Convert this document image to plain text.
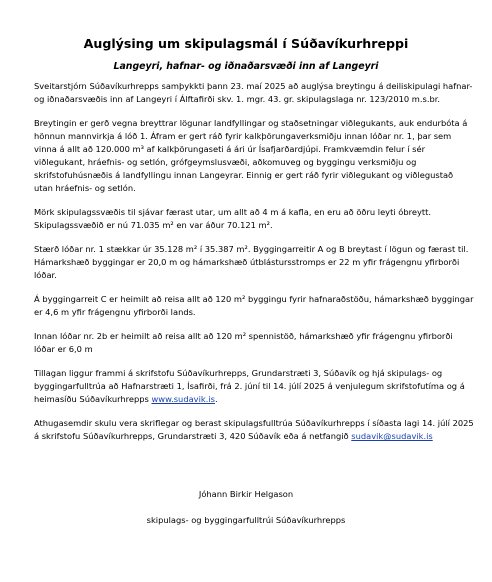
Auglýsing um skipulagsmál í Súðavíkurhreppi
Langeyri, hafnar- og iðnaðarsvæði inn af Langeyri

Sveitarstjórn Súðavíkurhrepps samþykkti þann 23. maí 2025 að auglýsa breytingu á deiliskipulagi hafnar- og iðnaðarsvæðis inn af Langeyri í Álftafirði skv. 1. mgr. 43. gr. skipulagslaga nr. 123/2010 m.s.br.

Breytingin er gerð vegna breyttrar lögunar landfyllingar og staðsetningar viðlegukants, auk endurbóta á hönnun mannvirkja á lóð 1. Áfram er gert ráð fyrir kalkþörungaverksmiðju innan lóðar nr. 1, þar sem vinna á allt að 120.000 m³ af kalkþörungaseti á ári úr Ísafjarðardjúpi. Framkvæmdin felur í sér viðlegukant, hráefnis- og setlón, grófgeymslusvæði, aðkomuveg og byggingu verksmiðju og skrifstofuhúsnæðis á landfyllingu innan Langeyrar. Einnig er gert ráð fyrir viðlegukant og viðlegustað utan hráefnis- og setlón.

Mörk skipulagssvæðis til sjávar færast utar, um allt að 4 m á kafla, en eru að öðru leyti óbreytt. Skipulagssvæðið er nú 71.035 m² en var áður 70.121 m².

Stærð lóðar nr. 1 stækkar úr 35.128 m² í 35.387 m². Byggingarreitir A og B breytast í lögun og færast til. Hámarkshæð byggingar er 20,0 m og hámarkshæð útblástursstromps er 22 m yfir frágengnu yfirborði lóðar.

Á byggingarreit C er heimilt að reisa allt að 120 m² byggingu fyrir hafnaraðstöðu, hámarkshæð byggingar er 4,6 m yfir frágengnu yfirborði lands.

Innan lóðar nr. 2b er heimilt að reisa allt að 120 m² spennistöð, hámarkshæð yfir frágengnu yfirborði lóðar er 6,0 m

Tillagan liggur frammi á skrifstofu Súðavíkurhrepps, Grundarstræti 3, Súðavík og hjá skipulags- og byggingarfulltrúa að Hafnarstræti 1, Ísafirði, frá 2. júní til 14. júlí 2025 á venjulegum skrifstofutíma og á heimasíðu Súðavíkurhrepps www.sudavik.is.

Athugasemdir skulu vera skriflegar og berast skipulagsfulltrúa Súðavíkurhrepps í síðasta lagi 14. júlí 2025 á skrifstofu Súðavíkurhrepps, Grundarstræti 3, 420 Súðavík eða á netfangið sudavik@sudavik.is

Jóhann Birkir Helgason
skipulags- og byggingarfulltrúi Súðavíkurhrepps
